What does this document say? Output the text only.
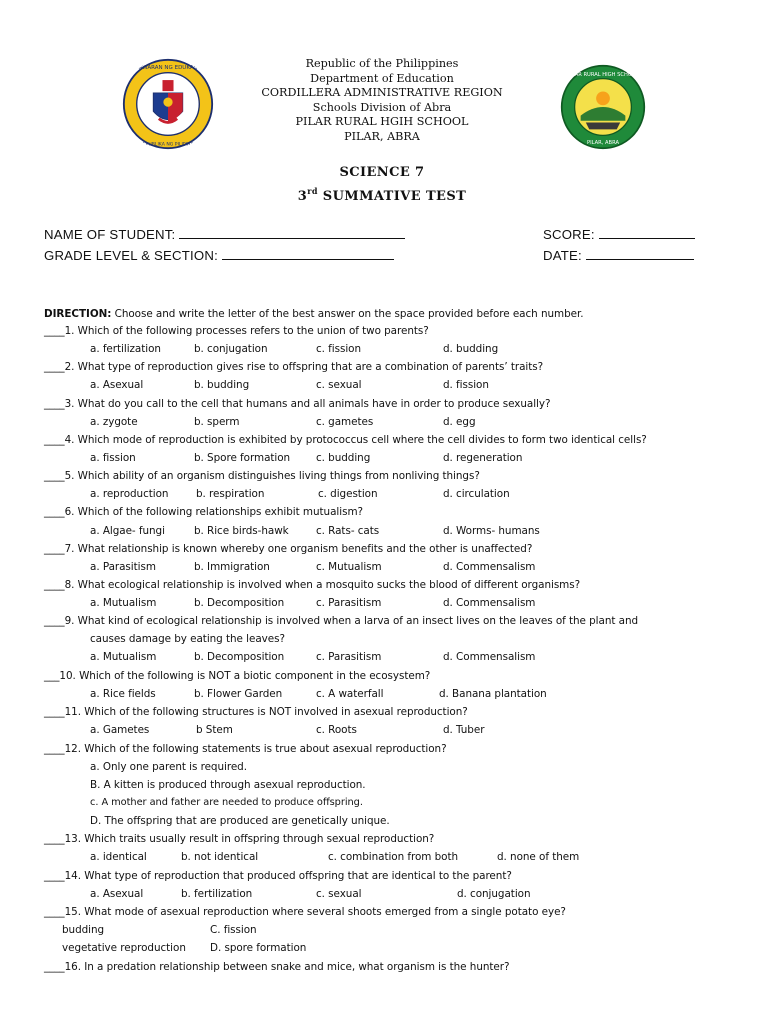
KAGAWARAN NG EDUKASYON
REPUBLIKA NG PILIPINAS
Republic of the Philippines
Department of Education
CORDILLERA ADMINISTRATIVE REGION
Schools Division of Abra
PILAR RURAL HGIH SCHOOL
PILAR, ABRA
PILAR RURAL HIGH SCHOOL
PILAR, ABRA
SCIENCE 7
3rd SUMMATIVE TEST
NAME OF STUDENT:	SCORE:
GRADE LEVEL & SECTION:	DATE:
DIRECTION: Choose and write the letter of the best answer on the space provided before each number.
____1. Which of the following processes refers to the union of two parents?
a. fertilization	b. conjugation	c. fission	d. budding
____2. What type of reproduction gives rise to offspring that are a combination of parents’ traits?
a. Asexual	b. budding	c. sexual	d. fission
____3. What do you call to the cell that humans and all animals have in order to produce sexually?
a. zygote	b. sperm	c. gametes	d. egg
____4. Which mode of reproduction is exhibited by protococcus cell where the cell divides to form two identical cells?
a. fission	b. Spore formation c. budding	d. regeneration
____5. Which ability of an organism distinguishes living things from nonliving things?
a. reproduction	b. respiration	c. digestion	d. circulation
____6. Which of the following relationships exhibit mutualism?
a. Algae- fungi	b. Rice birds-hawk	c. Rats- cats	d. Worms- humans
____7. What relationship is known whereby one organism benefits and the other is unaffected?
a. Parasitism	b. Immigration	c. Mutualism	d. Commensalism
____8. What ecological relationship is involved when a mosquito sucks the blood of different organisms?
a. Mutualism	b. Decomposition	c. Parasitism	d. Commensalism
____9. What kind of ecological relationship is involved when a larva of an insect lives on the leaves of the plant and
causes damage by eating the leaves?
a. Mutualism	b. Decomposition	c. Parasitism	d. Commensalism
___10. Which of the following is NOT a biotic component in the ecosystem?
a. Rice fields	b. Flower Garden	c. A waterfall	d. Banana plantation
____11. Which of the following structures is NOT involved in asexual reproduction?
a. Gametes	b Stem	c. Roots	d. Tuber
____12. Which of the following statements is true about asexual reproduction?
a. Only one parent is required.
B. A kitten is produced through asexual reproduction.
c. A mother and father are needed to produce offspring.
D. The offspring that are produced are genetically unique.
____13. Which traits usually result in offspring through sexual reproduction?
a. identical	b. not identical	c. combination from both	d. none of them
____14. What type of reproduction that produced offspring that are identical to the parent?
a. Asexual	b. fertilization	c. sexual	d. conjugation
____15. What mode of asexual reproduction where several shoots emerged from a single potato eye?
budding	C. fission
vegetative reproduction D. spore formation
____16. In a predation relationship between snake and mice, what organism is the hunter?
